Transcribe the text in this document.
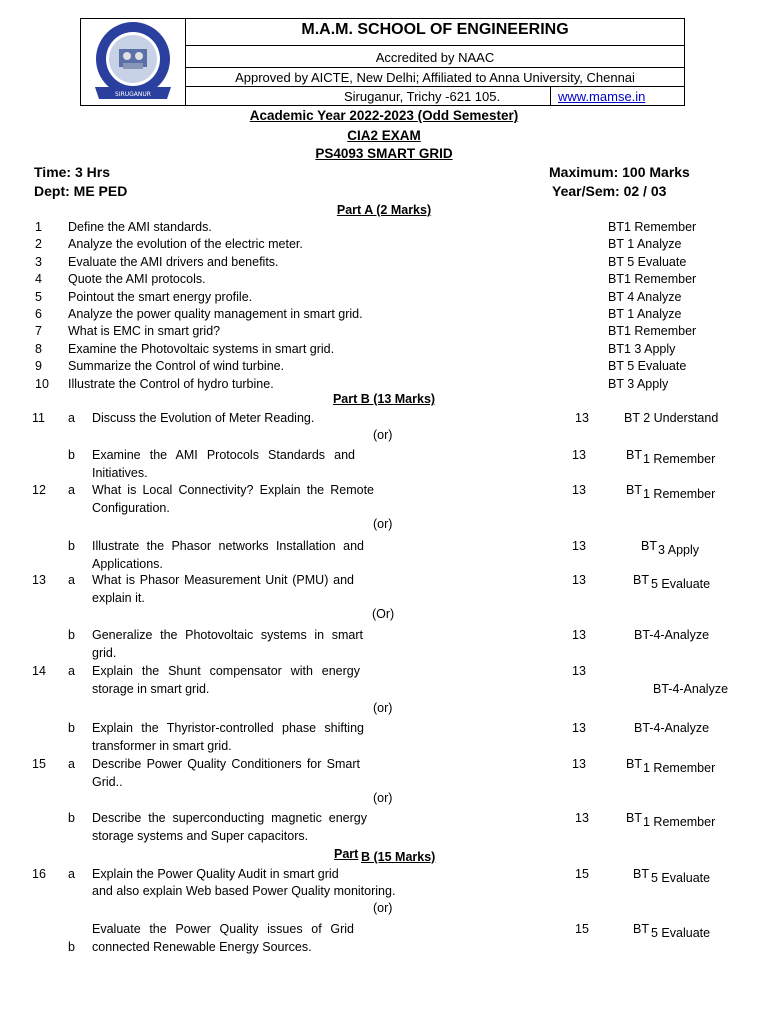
SIRUGANUR
M.A.M. SCHOOL OF ENGINEERING
Accredited by NAAC
Approved by AICTE, New Delhi; Affiliated to Anna University, Chennai
Siruganur, Trichy -621 105.	www.mamse.in
Academic Year 2022-2023 (Odd Semester)
CIA2 EXAM
PS4093 SMART GRID
Time: 3 Hrs	Maximum: 100 Marks
Dept: ME PED	Year/Sem: 02 / 03
Part A (2 Marks)
1 Define the AMI standards.	BT1 Remember
2 Analyze the evolution of the electric meter.	BT 1 Analyze
3 Evaluate the AMI drivers and benefits.	BT 5 Evaluate
4 Quote the AMI protocols.	BT1 Remember
5 Pointout the smart energy profile.	BT 4 Analyze
6 Analyze the power quality management in smart grid.	BT 1 Analyze
7 What is EMC in smart grid?	BT1 Remember
8 Examine the Photovoltaic systems in smart grid.	BT1 3 Apply
9 Summarize the Control of wind turbine.	BT 5 Evaluate
10 Illustrate the Control of hydro turbine.	BT 3 Apply
Part B (13 Marks)
11 a Discuss the Evolution of Meter Reading.	13	BT 2 Understand
(or)
b Examine the AMI Protocols Standards and Initiatives.
13	BT 1 Remember
12 a What is Local Connectivity? Explain the Remote Configuration.
13	BT 1 Remember
(or)
b Illustrate the Phasor networks Installation and Applications.
13	BT 3 Apply
13 a What is Phasor Measurement Unit (PMU) and explain it.
13	BT 5 Evaluate
(Or)
b Generalize the Photovoltaic systems in smart grid.
13	BT-4-Analyze
14 a Explain the Shunt compensator with energy storage in smart grid.
13
BT-4-Analyze
(or)
b Explain the Thyristor-controlled phase shifting transformer in smart grid.
13	BT-4-Analyze
15 a Describe Power Quality Conditioners for Smart Grid..
13	BT 1 Remember
(or)
b Describe the superconducting magnetic energy storage systems and Super capacitors.
13	BT 1 Remember
Part B (15 Marks)
16 a Explain the Power Quality Audit in smart grid
and also explain Web based Power Quality monitoring.
15	BT 5 Evaluate
(or)
Evaluate the Power Quality issues of Grid connected Renewable Energy Sources.
b
15	BT 5 Evaluate
